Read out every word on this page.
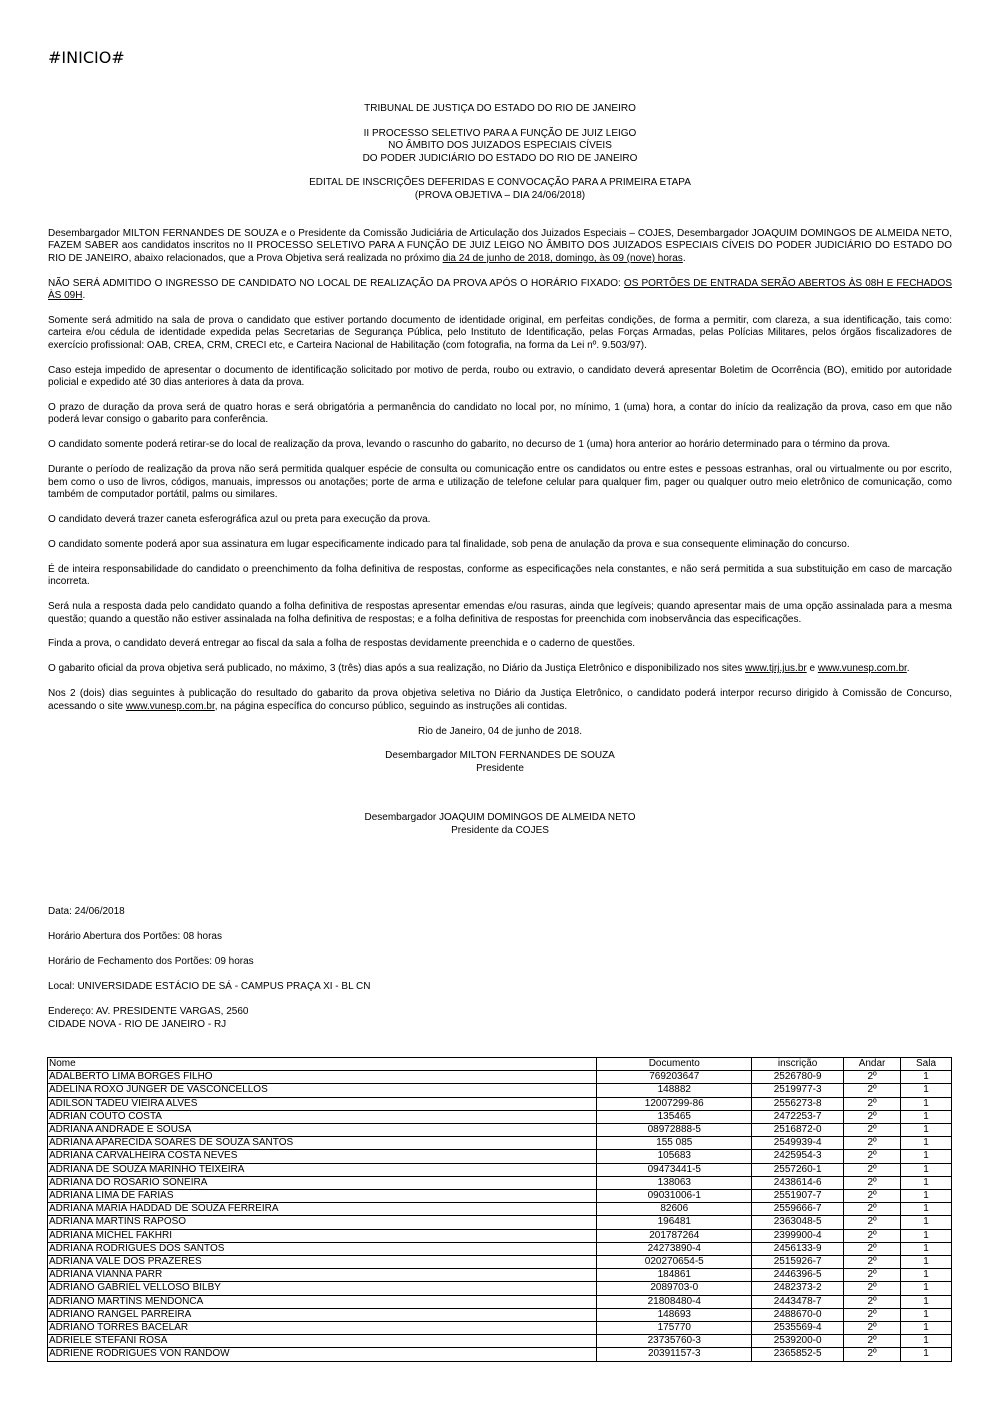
#INICIO#

TRIBUNAL DE JUSTIÇA DO ESTADO DO RIO DE JANEIRO

II PROCESSO SELETIVO PARA A FUNÇÃO DE JUIZ LEIGO
NO ÂMBITO DOS JUIZADOS ESPECIAIS CÍVEIS
DO PODER JUDICIÁRIO DO ESTADO DO RIO DE JANEIRO

EDITAL DE INSCRIÇÕES DEFERIDAS E CONVOCAÇÃO PARA A PRIMEIRA ETAPA
(PROVA OBJETIVA – DIA 24/06/2018)

Desembargador MILTON FERNANDES DE SOUZA e o Presidente da Comissão Judiciária de Articulação dos Juizados Especiais – COJES, Desembargador JOAQUIM DOMINGOS DE ALMEIDA NETO, FAZEM SABER aos candidatos inscritos no II PROCESSO SELETIVO PARA A FUNÇÃO DE JUIZ LEIGO NO ÂMBITO DOS JUIZADOS ESPECIAIS CÍVEIS DO PODER JUDICIÁRIO DO ESTADO DO RIO DE JANEIRO, abaixo relacionados, que a Prova Objetiva será realizada no próximo dia 24 de junho de 2018, domingo, às 09 (nove) horas.

NÃO SERÁ ADMITIDO O INGRESSO DE CANDIDATO NO LOCAL DE REALIZAÇÃO DA PROVA APÓS O HORÁRIO FIXADO: OS PORTÕES DE ENTRADA SERÃO ABERTOS ÀS 08H E FECHADOS ÀS 09H.

Somente será admitido na sala de prova o candidato que estiver portando documento de identidade original, em perfeitas condições, de forma a permitir, com clareza, a sua identificação, tais como: carteira e/ou cédula de identidade expedida pelas Secretarias de Segurança Pública, pelo Instituto de Identificação, pelas Forças Armadas, pelas Polícias Militares, pelos órgãos fiscalizadores de exercício profissional: OAB, CREA, CRM, CRECI etc, e Carteira Nacional de Habilitação (com fotografia, na forma da Lei nº. 9.503/97).

Caso esteja impedido de apresentar o documento de identificação solicitado por motivo de perda, roubo ou extravio, o candidato deverá apresentar Boletim de Ocorrência (BO), emitido por autoridade policial e expedido até 30 dias anteriores à data da prova.

O prazo de duração da prova será de quatro horas e será obrigatória a permanência do candidato no local por, no mínimo, 1 (uma) hora, a contar do início da realização da prova, caso em que não poderá levar consigo o gabarito para conferência.

O candidato somente poderá retirar-se do local de realização da prova, levando o rascunho do gabarito, no decurso de 1 (uma) hora anterior ao horário determinado para o término da prova.

Durante o período de realização da prova não será permitida qualquer espécie de consulta ou comunicação entre os candidatos ou entre estes e pessoas estranhas, oral ou virtualmente ou por escrito, bem como o uso de livros, códigos, manuais, impressos ou anotações; porte de arma e utilização de telefone celular para qualquer fim, pager ou qualquer outro meio eletrônico de comunicação, como também de computador portátil, palms ou similares.

O candidato deverá trazer caneta esferográfica azul ou preta para execução da prova.

O candidato somente poderá apor sua assinatura em lugar especificamente indicado para tal finalidade, sob pena de anulação da prova e sua consequente eliminação do concurso.

É de inteira responsabilidade do candidato o preenchimento da folha definitiva de respostas, conforme as especificações nela constantes, e não será permitida a sua substituição em caso de marcação incorreta.

Será nula a resposta dada pelo candidato quando a folha definitiva de respostas apresentar emendas e/ou rasuras, ainda que legíveis; quando apresentar mais de uma opção assinalada para a mesma questão; quando a questão não estiver assinalada na folha definitiva de respostas; e a folha definitiva de respostas for preenchida com inobservância das especificações.

Finda a prova, o candidato deverá entregar ao fiscal da sala a folha de respostas devidamente preenchida e o caderno de questões.

O gabarito oficial da prova objetiva será publicado, no máximo, 3 (três) dias após a sua realização, no Diário da Justiça Eletrônico e disponibilizado nos sites www.tjrj.jus.br e www.vunesp.com.br.

Nos 2 (dois) dias seguintes à publicação do resultado do gabarito da prova objetiva seletiva no Diário da Justiça Eletrônico, o candidato poderá interpor recurso dirigido à Comissão de Concurso, acessando o site www.vunesp.com.br, na página específica do concurso público, seguindo as instruções ali contidas.

Rio de Janeiro, 04 de junho de 2018.

Desembargador MILTON FERNANDES DE SOUZA
Presidente

Desembargador JOAQUIM DOMINGOS DE ALMEIDA NETO
Presidente da COJES

Data: 24/06/2018

Horário Abertura dos Portões: 08 horas

Horário de Fechamento dos Portões: 09 horas

Local: UNIVERSIDADE ESTÁCIO DE SÁ - CAMPUS PRAÇA XI - BL CN

Endereço: AV. PRESIDENTE VARGAS, 2560
CIDADE NOVA - RIO DE JANEIRO - RJ

Nome	Documento	inscrição	Andar	Sala
ADALBERTO LIMA BORGES FILHO	769203647	2526780-9	2º	1
ADELINA ROXO JUNGER DE VASCONCELLOS	148882	2519977-3	2º	1
ADILSON TADEU VIEIRA ALVES	12007299-86	2556273-8	2º	1
ADRIAN COUTO COSTA	135465	2472253-7	2º	1
ADRIANA ANDRADE E SOUSA	08972888-5	2516872-0	2º	1
ADRIANA APARECIDA SOARES DE SOUZA SANTOS	155 085	2549939-4	2º	1
ADRIANA CARVALHEIRA COSTA NEVES	105683	2425954-3	2º	1
ADRIANA DE SOUZA MARINHO TEIXEIRA	09473441-5	2557260-1	2º	1
ADRIANA DO ROSARIO SONEIRA	138063	2438614-6	2º	1
ADRIANA LIMA DE FARIAS	09031006-1	2551907-7	2º	1
ADRIANA MARIA HADDAD DE SOUZA FERREIRA	82606	2559666-7	2º	1
ADRIANA MARTINS RAPOSO	196481	2363048-5	2º	1
ADRIANA MICHEL FAKHRI	201787264	2399900-4	2º	1
ADRIANA RODRIGUES DOS SANTOS	24273890-4	2456133-9	2º	1
ADRIANA VALE DOS PRAZERES	020270654-5	2515926-7	2º	1
ADRIANA VIANNA PARR	184861	2446396-5	2º	1
ADRIANO GABRIEL VELLOSO BILBY	2089703-0	2482373-2	2º	1
ADRIANO MARTINS MENDONCA	21808480-4	2443478-7	2º	1
ADRIANO RANGEL PARREIRA	148693	2488670-0	2º	1
ADRIANO TORRES BACELAR	175770	2535569-4	2º	1
ADRIELE STEFANI ROSA	23735760-3	2539200-0	2º	1
ADRIENE RODRIGUES VON RANDOW	20391157-3	2365852-5	2º	1
